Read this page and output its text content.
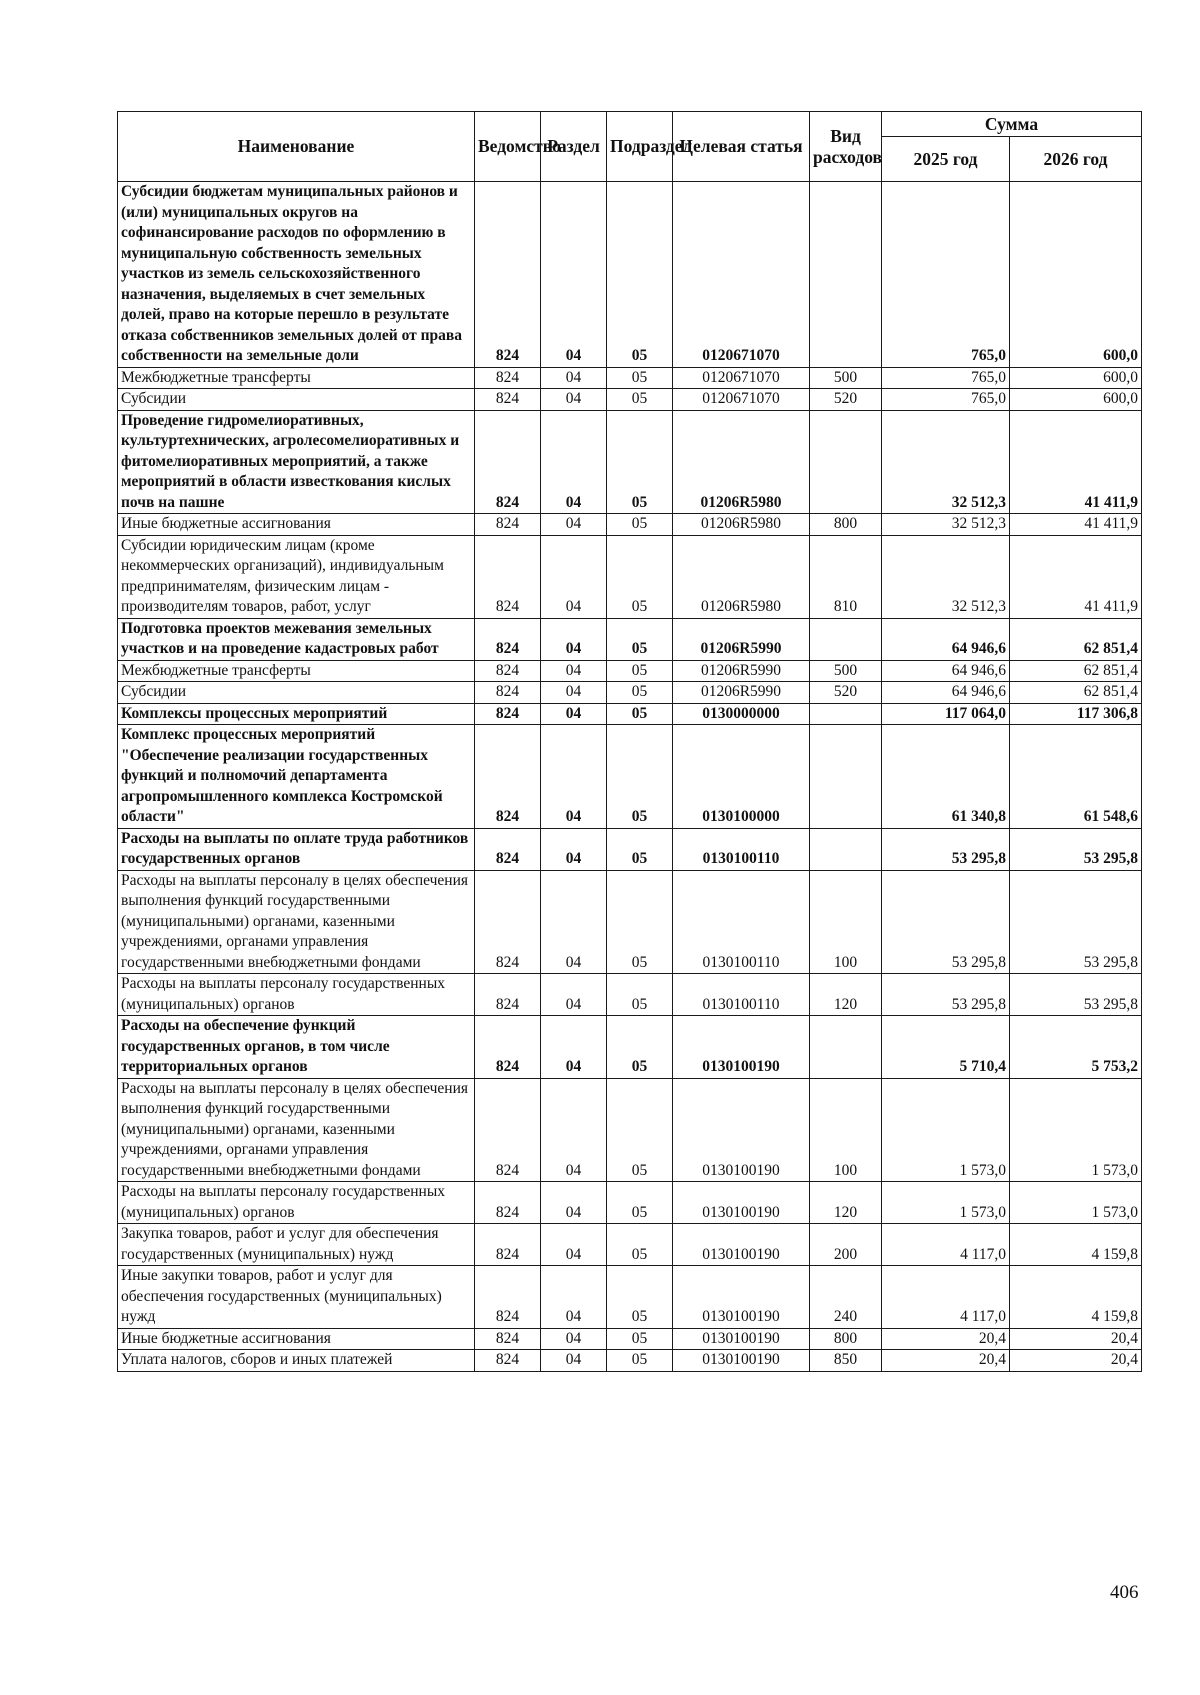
Наименование	Ведомство	Раздел	Подраздел	Целевая статья	Вид расходов	Сумма	
						2025 год	2026 год
Субсидии бюджетам муниципальных районов и (или) муниципальных округов на софинансирование расходов по оформлению в муниципальную собственность земельных участков из земель сельскохозяйственного назначения, выделяемых в счет земельных долей, право на которые перешло в результате отказа собственников земельных долей от права собственности на земельные доли	824	04	05	0120671070		765,0	600,0
Межбюджетные трансферты	824	04	05	0120671070	500	765,0	600,0
Субсидии	824	04	05	0120671070	520	765,0	600,0
Проведение гидромелиоративных, культуртехнических, агролесомелиоративных и фитомелиоративных мероприятий, а также мероприятий в области известкования кислых почв на пашне	824	04	05	01206R5980		32 512,3	41 411,9
Иные бюджетные ассигнования	824	04	05	01206R5980	800	32 512,3	41 411,9
Субсидии юридическим лицам (кроме некоммерческих организаций), индивидуальным предпринимателям, физическим лицам - производителям товаров, работ, услуг	824	04	05	01206R5980	810	32 512,3	41 411,9
Подготовка проектов межевания земельных участков и на проведение кадастровых работ	824	04	05	01206R5990		64 946,6	62 851,4
Межбюджетные трансферты	824	04	05	01206R5990	500	64 946,6	62 851,4
Субсидии	824	04	05	01206R5990	520	64 946,6	62 851,4
Комплексы процессных мероприятий	824	04	05	0130000000		117 064,0	117 306,8
Комплекс процессных мероприятий "Обеспечение реализации государственных функций и полномочий департамента агропромышленного комплекса Костромской области"	824	04	05	0130100000		61 340,8	61 548,6
Расходы на выплаты по оплате труда работников государственных органов	824	04	05	0130100110		53 295,8	53 295,8
Расходы на выплаты персоналу в целях обеспечения выполнения функций государственными (муниципальными) органами, казенными учреждениями, органами управления государственными внебюджетными фондами	824	04	05	0130100110	100	53 295,8	53 295,8
Расходы на выплаты персоналу государственных (муниципальных) органов	824	04	05	0130100110	120	53 295,8	53 295,8
Расходы на обеспечение функций государственных органов, в том числе территориальных органов	824	04	05	0130100190		5 710,4	5 753,2
Расходы на выплаты персоналу в целях обеспечения выполнения функций государственными (муниципальными) органами, казенными учреждениями, органами управления государственными внебюджетными фондами	824	04	05	0130100190	100	1 573,0	1 573,0
Расходы на выплаты персоналу государственных (муниципальных) органов	824	04	05	0130100190	120	1 573,0	1 573,0
Закупка товаров, работ и услуг для обеспечения государственных (муниципальных) нужд	824	04	05	0130100190	200	4 117,0	4 159,8
Иные закупки товаров, работ и услуг для обеспечения государственных (муниципальных) нужд	824	04	05	0130100190	240	4 117,0	4 159,8
Иные бюджетные ассигнования	824	04	05	0130100190	800	20,4	20,4
Уплата налогов, сборов и иных платежей	824	04	05	0130100190	850	20,4	20,4
406
